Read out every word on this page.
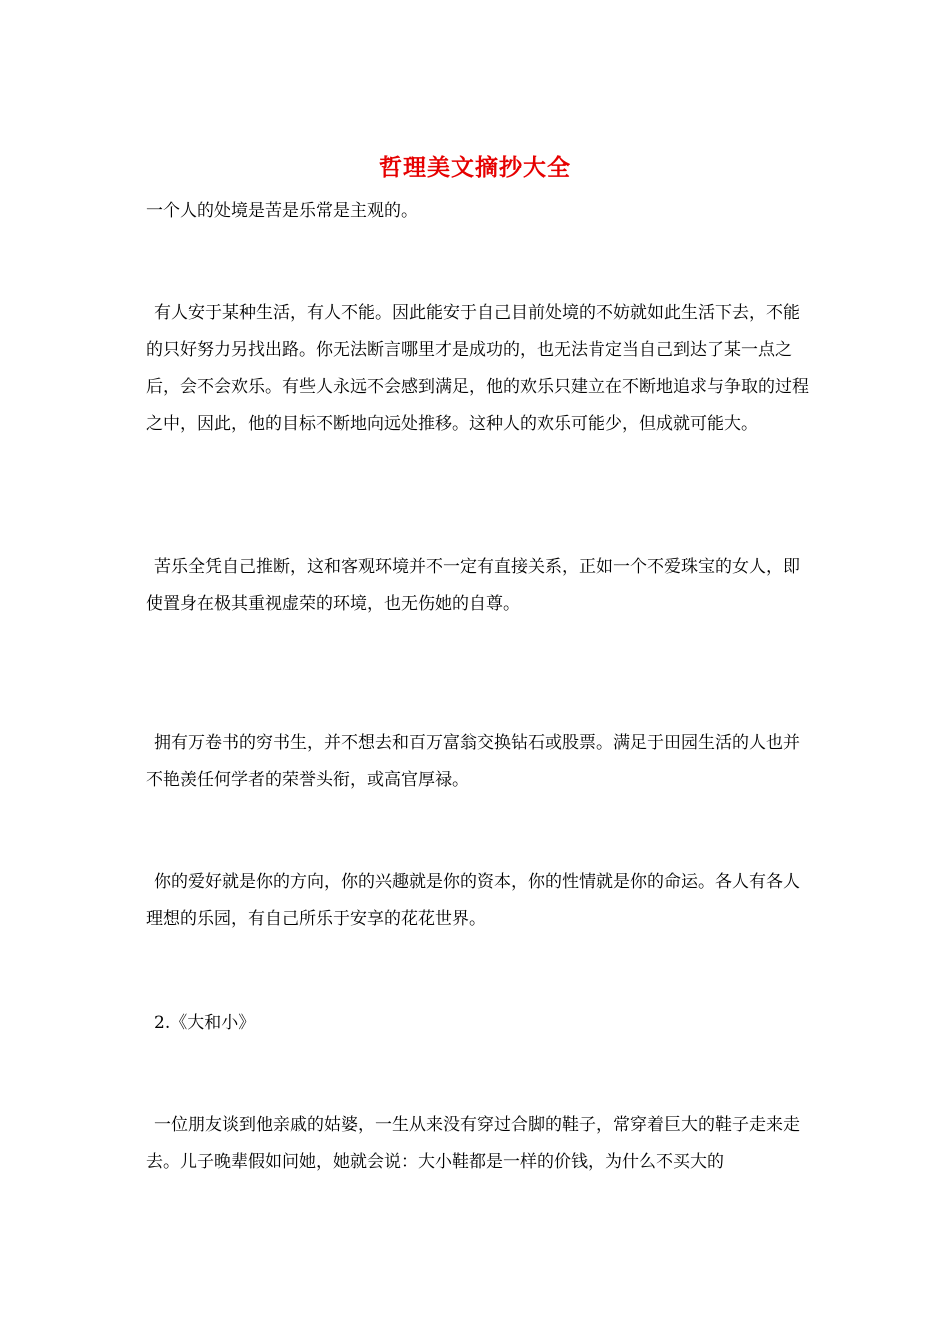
哲理美文摘抄大全

一个人的处境是苦是乐常是主观的。

有人安于某种生活，有人不能。因此能安于自己目前处境的不妨就如此生活下去，不能的只好努力另找出路。你无法断言哪里才是成功的，也无法肯定当自己到达了某一点之后，会不会欢乐。有些人永远不会感到满足，他的欢乐只建立在不断地追求与争取的过程之中，因此，他的目标不断地向远处推移。这种人的欢乐可能少，但成就可能大。

苦乐全凭自己推断，这和客观环境并不一定有直接关系，正如一个不爱珠宝的女人，即使置身在极其重视虚荣的环境，也无伤她的自尊。

拥有万卷书的穷书生，并不想去和百万富翁交换钻石或股票。满足于田园生活的人也并不艳羡任何学者的荣誉头衔，或高官厚禄。

你的爱好就是你的方向，你的兴趣就是你的资本，你的性情就是你的命运。各人有各人理想的乐园，有自己所乐于安享的花花世界。

2.《大和小》

一位朋友谈到他亲戚的姑婆，一生从来没有穿过合脚的鞋子，常穿着巨大的鞋子走来走去。儿子晚辈假如问她，她就会说：大小鞋都是一样的价钱，为什么不买大的
